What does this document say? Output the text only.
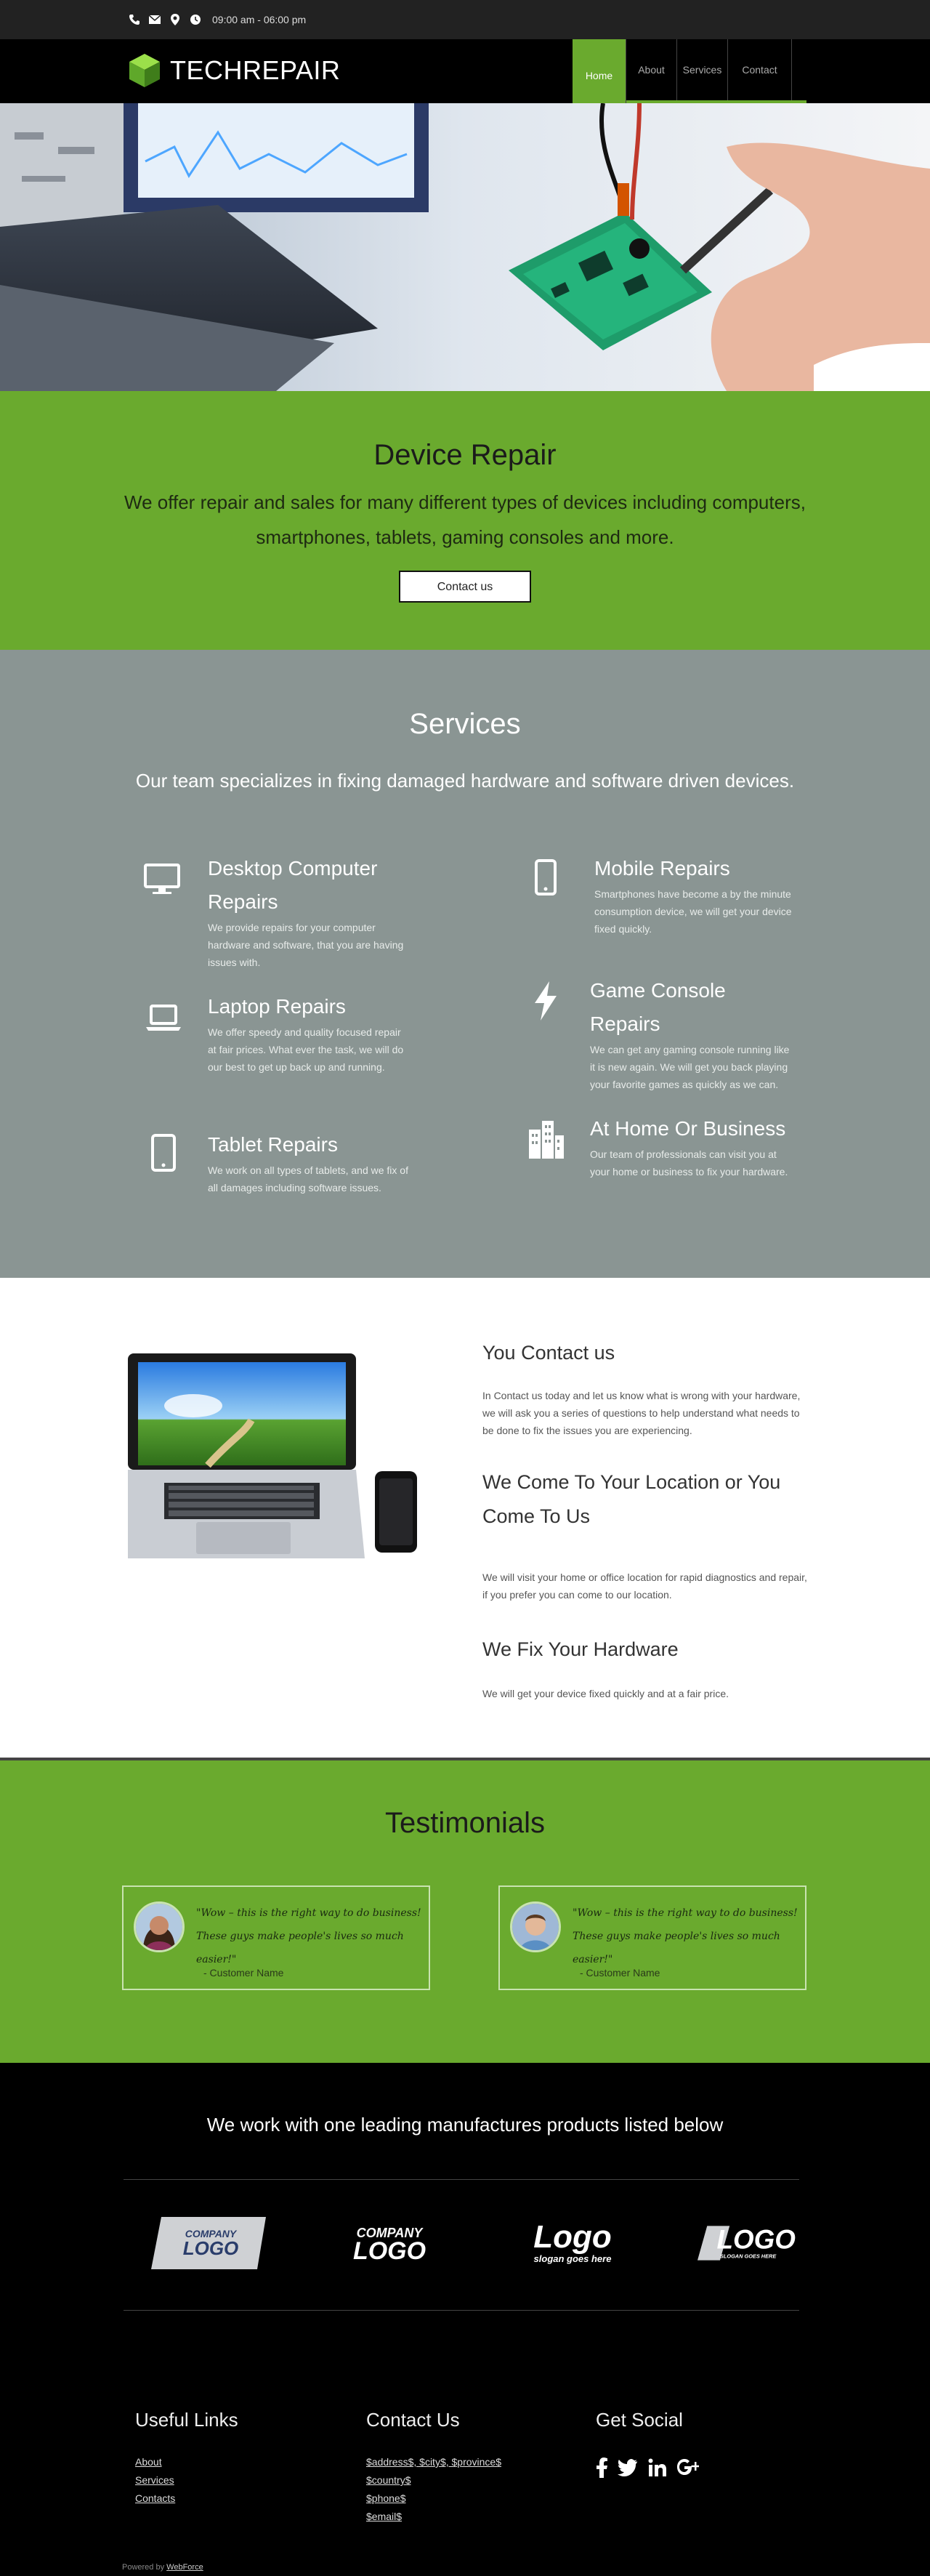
09:00 am - 06:00 pm
TECHREPAIR	Home	About	Services	Contact
Device Repair

We offer repair and sales for many different types of devices including computers, smartphones, tablets, gaming consoles and more.

Contact us
Services
Our team specializes in fixing damaged hardware and software driven devices.
Desktop Computer Repairs

We provide repairs for your computer hardware and software, that you are having issues with.

Laptop Repairs

We offer speedy and quality focused repair at fair prices. What ever the task, we will do our best to get up back up and running.

Tablet Repairs

We work on all types of tablets, and we fix of all damages including software issues.

Mobile Repairs

Smartphones have become a by the minute consumption device, we will get your device fixed quickly.

Game Console Repairs

We can get any gaming console running like it is new again. We will get you back playing your favorite games as quickly as we can.

At Home Or Business

Our team of professionals can visit you at your home or business to fix your hardware.

You Contact us

In Contact us today and let us know what is wrong with your hardware, we will ask you a series of questions to help understand what needs to be done to fix the issues you are experiencing.

We Come To Your Location or You Come To Us

We will visit your home or office location for rapid diagnostics and repair, if you prefer you can come to our location.

We Fix Your Hardware

We will get your device fixed quickly and at a fair price.

Testimonials
"Wow – this is the right way to do business! These guys make people's lives so much easier!"
- Customer Name
"Wow – this is the right way to do business! These guys make people's lives so much easier!"
- Customer Name
We work with one leading manufactures products listed below
COMPANY
LOGO
COMPANY
LOGO	Logo
slogan goes here
LOGO
SLOGAN GOES HERE
Useful Links
About
Services
Contacts
Contact Us
$address$, $city$, $province$
$country$
$phone$
$email$
Get Social
Powered by WebForce
